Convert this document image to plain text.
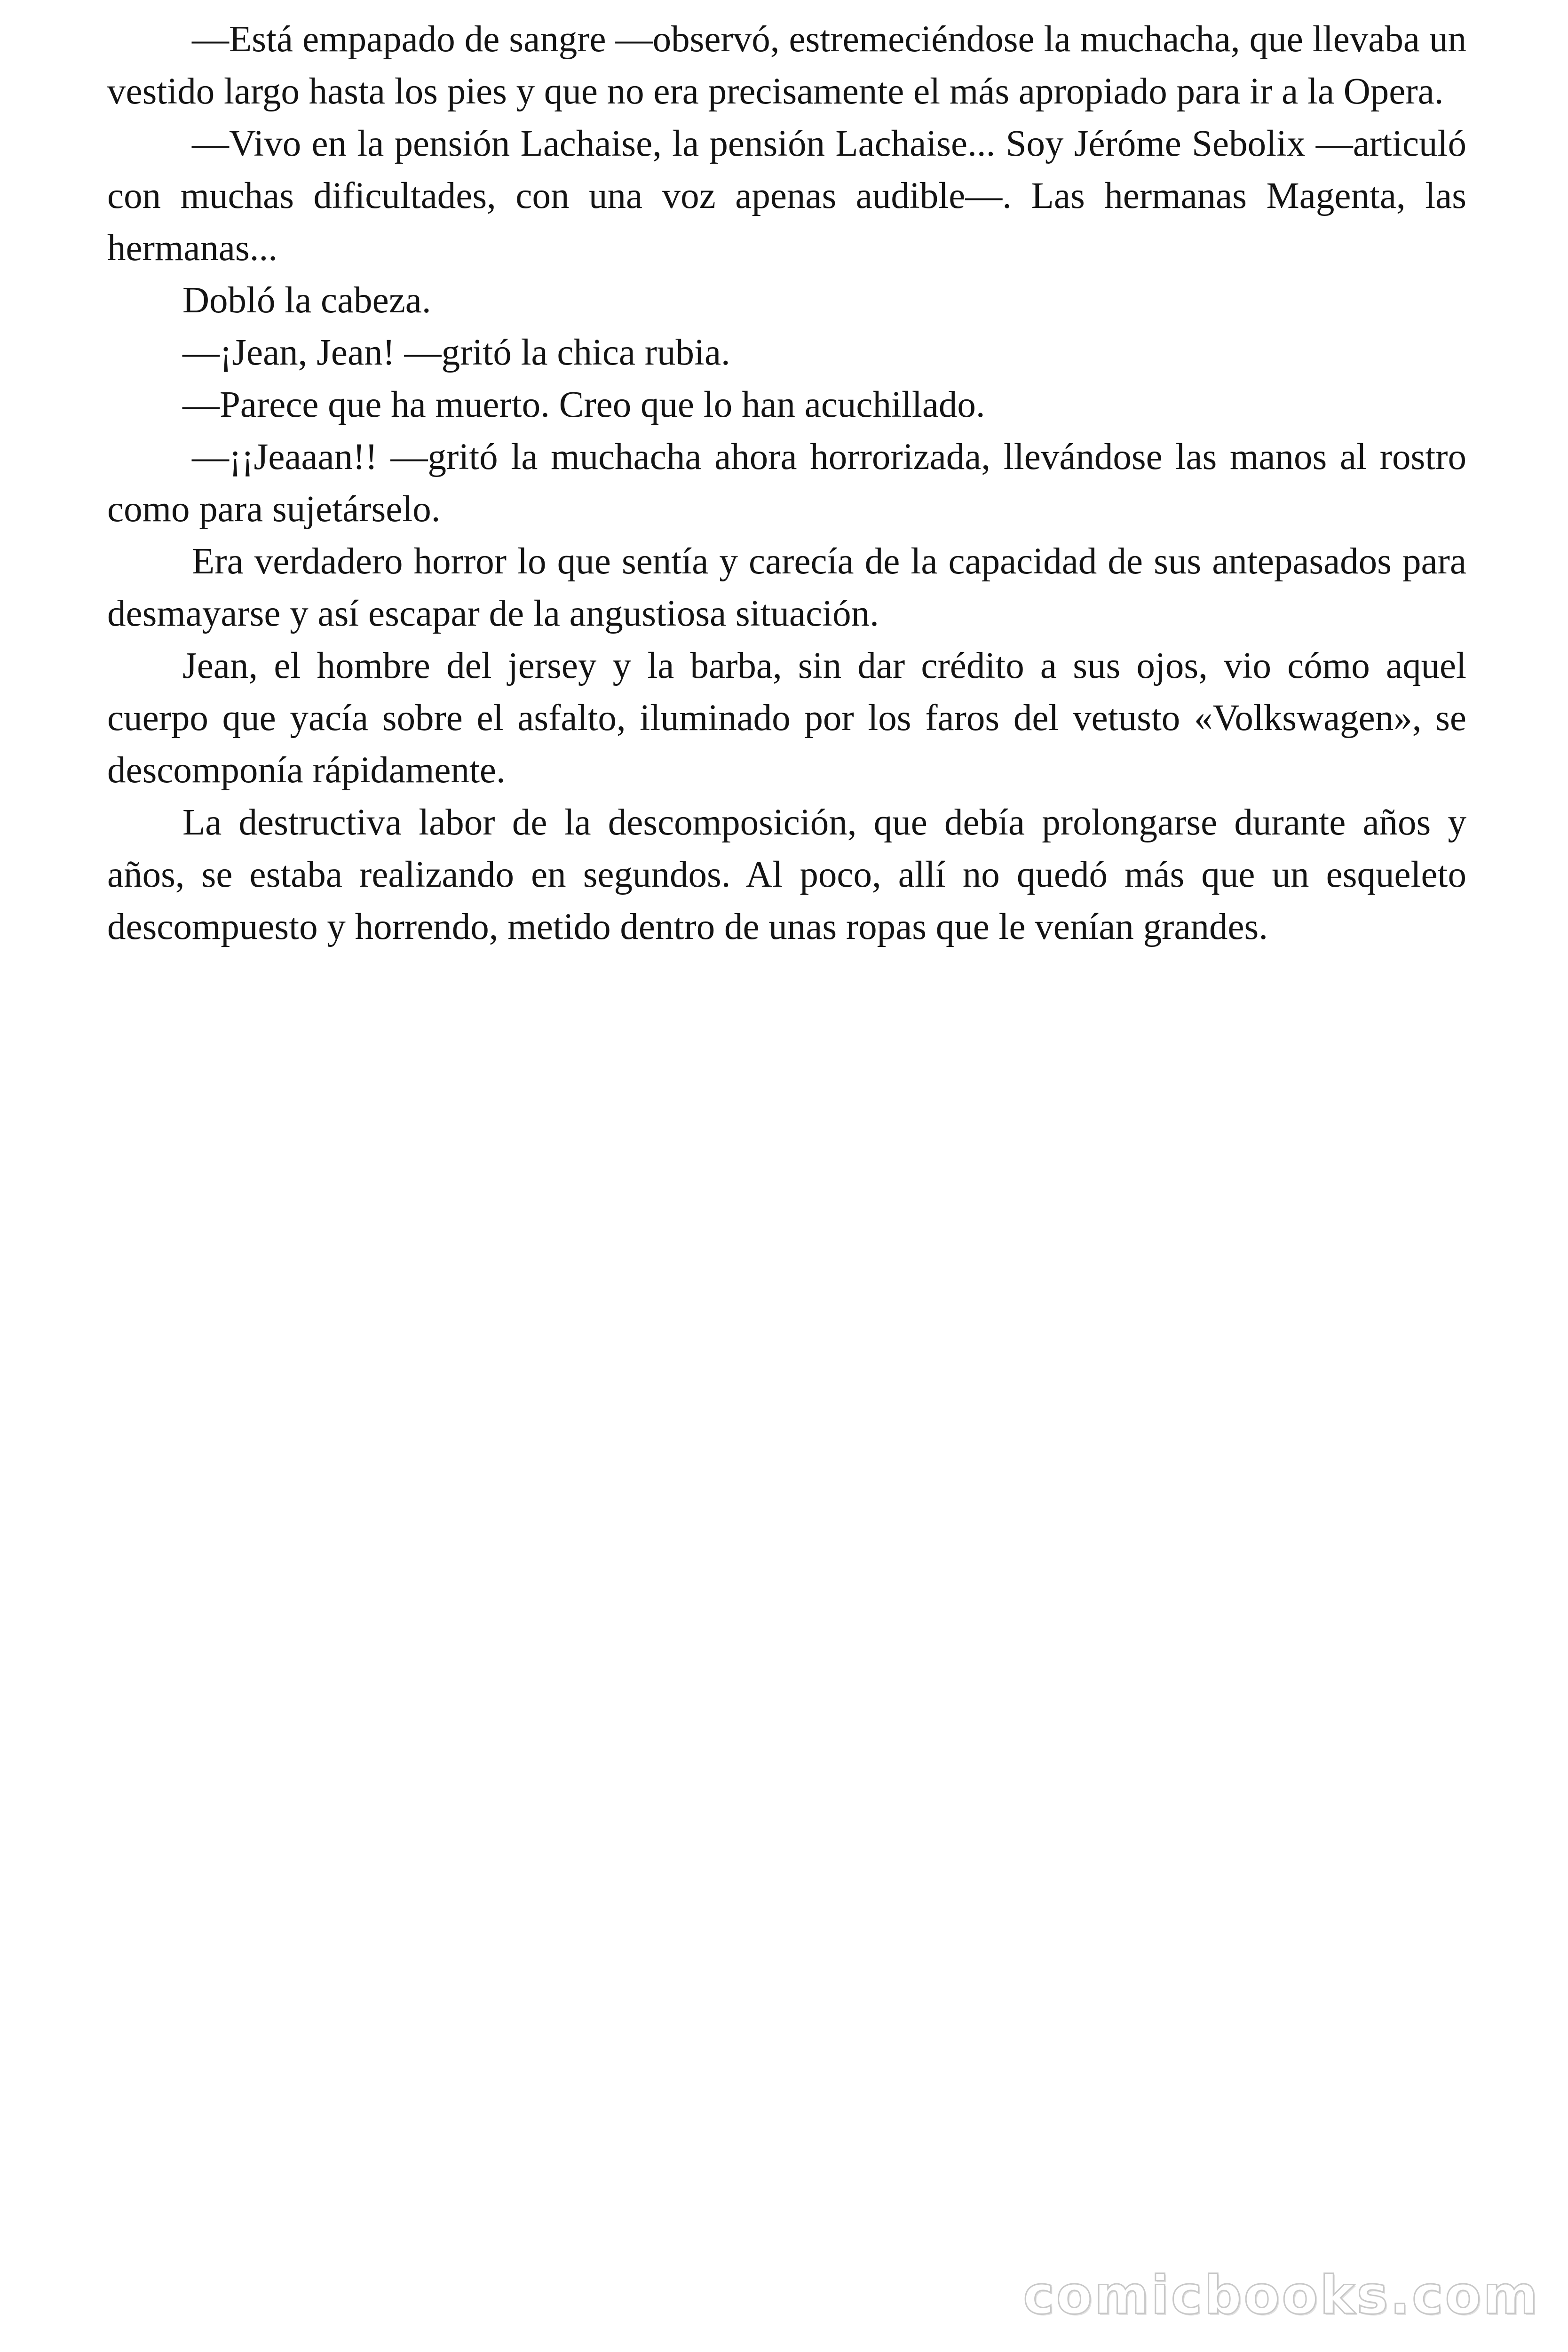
—Está empapado de sangre —observó, estremeciéndose la muchacha, que llevaba un vestido largo hasta los pies y que no era precisamente el más apropiado para ir a la Opera.

—Vivo en la pensión Lachaise, la pensión Lachaise... Soy Jéróme Sebolix —articuló con muchas dificultades, con una voz apenas audible—. Las hermanas Magenta, las hermanas...

Dobló la cabeza.

—¡Jean, Jean! —gritó la chica rubia.

—Parece que ha muerto. Creo que lo han acuchillado.

—¡¡Jeaaan!! —gritó la muchacha ahora horrorizada, llevándose las manos al rostro como para sujetárselo.

Era verdadero horror lo que sentía y carecía de la capacidad de sus antepasados para desmayarse y así escapar de la angustiosa situación.

Jean, el hombre del jersey y la barba, sin dar crédito a sus ojos, vio cómo aquel cuerpo que yacía sobre el asfalto, iluminado por los faros del vetusto «Volkswagen», se descomponía rápidamente.

La destructiva labor de la descomposición, que debía prolongarse durante años y años, se estaba realizando en segundos. Al poco, allí no quedó más que un esqueleto descompuesto y horrendo, metido dentro de unas ropas que le venían grandes.

comicbooks.com
